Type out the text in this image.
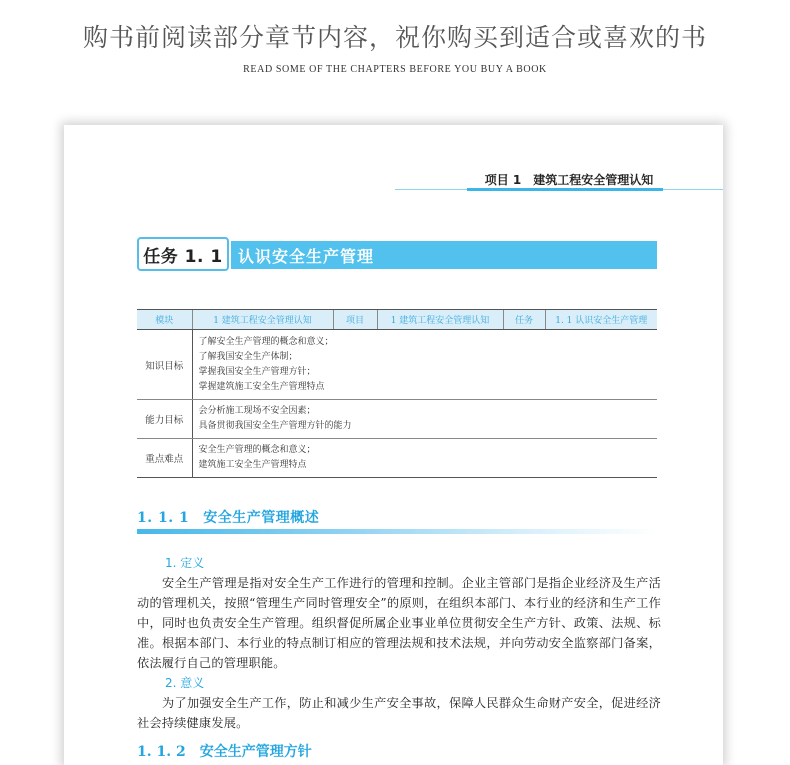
购书前阅读部分章节内容，祝你购买到适合或喜欢的书
READ SOME OF THE CHAPTERS BEFORE YOU BUY A BOOK
项目 1　建筑工程安全管理认知
任务 1. 1 认识安全生产管理
模块	1 建筑工程安全管理认知	项目	1 建筑工程安全管理认知	任务	1. 1 认识安全生产管理
知识目标	了解安全生产管理的概念和意义；
了解我国安全生产体制；
掌握我国安全生产管理方针；
掌握建筑施工安全生产管理特点				

能力目标	会分析施工现场不安全因素；
具备贯彻我国安全生产管理方针的能力				

重点难点	安全生产管理的概念和意义；
建筑施工安全生产管理特点				
1. 1. 1 安全生产管理概述
1. 定义

安全生产管理是指对安全生产工作进行的管理和控制。企业主管部门是指企业经济及生产活动的管理机关，按照“管理生产同时管理安全”的原则，在组织本部门、本行业的经济和生产工作中，同时也负责安全生产管理。组织督促所属企业事业单位贯彻安全生产方针、政策、法规、标准。根据本部门、本行业的特点制订相应的管理法规和技术法规，并向劳动安全监察部门备案，依法履行自己的管理职能。

2. 意义

为了加强安全生产工作，防止和减少生产安全事故，保障人民群众生命财产安全，促进经济社会持续健康发展。

1. 1. 2 安全生产管理方针
